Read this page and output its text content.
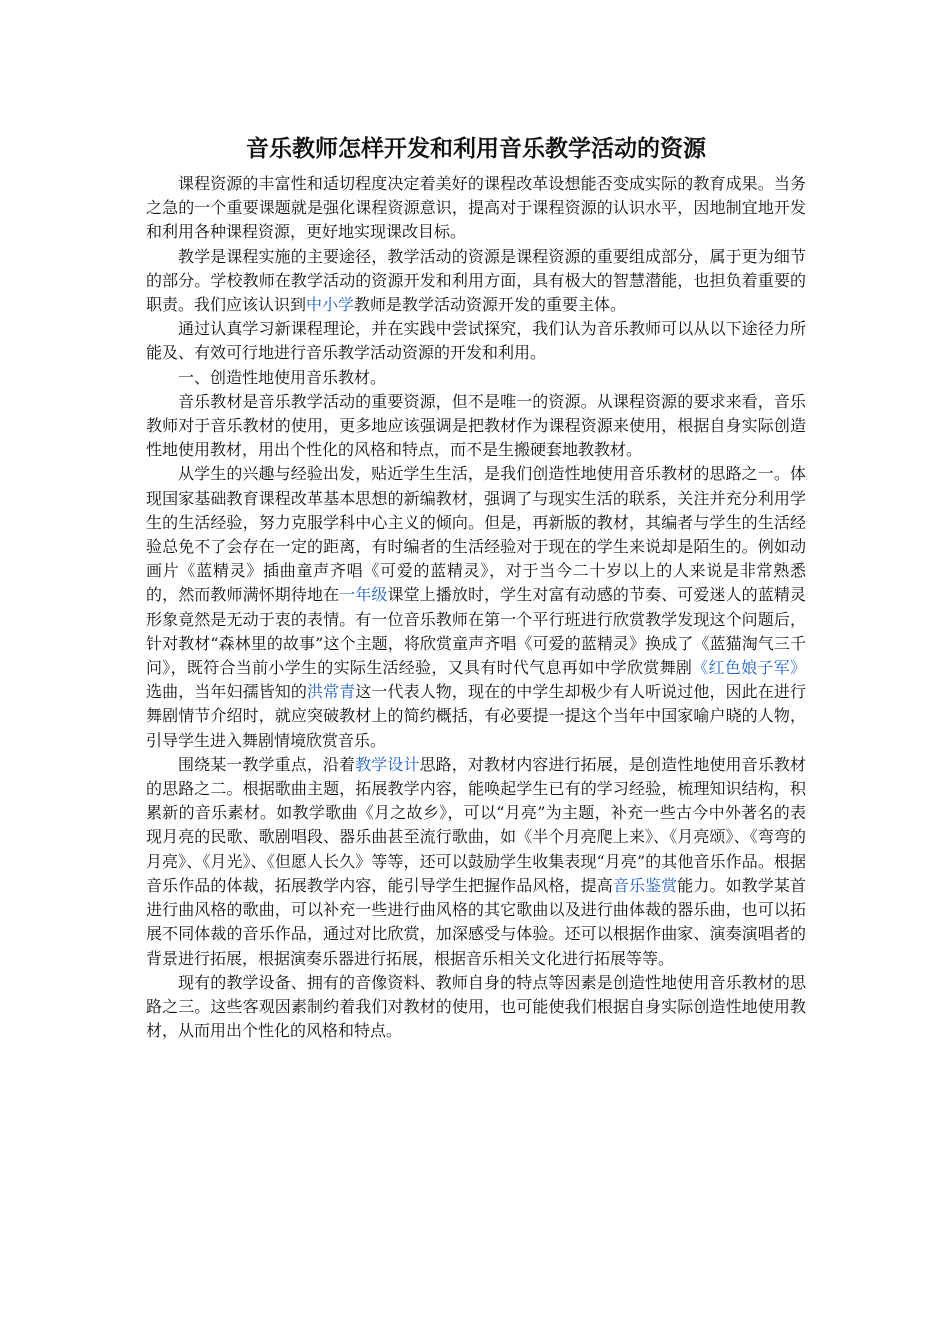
音乐教师怎样开发和利用音乐教学活动的资源

课程资源的丰富性和适切程度决定着美好的课程改革设想能否变成实际的教育成果。当务之急的一个重要课题就是强化课程资源意识，提高对于课程资源的认识水平，因地制宜地开发和利用各种课程资源，更好地实现课改目标。

教学是课程实施的主要途径，教学活动的资源是课程资源的重要组成部分，属于更为细节的部分。学校教师在教学活动的资源开发和利用方面，具有极大的智慧潜能，也担负着重要的职责。我们应该认识到中小学教师是教学活动资源开发的重要主体。

通过认真学习新课程理论，并在实践中尝试探究，我们认为音乐教师可以从以下途径力所能及、有效可行地进行音乐教学活动资源的开发和利用。

一、创造性地使用音乐教材。

音乐教材是音乐教学活动的重要资源，但不是唯一的资源。从课程资源的要求来看，音乐教师对于音乐教材的使用，更多地应该强调是把教材作为课程资源来使用，根据自身实际创造性地使用教材，用出个性化的风格和特点，而不是生搬硬套地教教材。

从学生的兴趣与经验出发，贴近学生生活，是我们创造性地使用音乐教材的思路之一。体现国家基础教育课程改革基本思想的新编教材，强调了与现实生活的联系，关注并充分利用学生的生活经验，努力克服学科中心主义的倾向。但是，再新版的教材，其编者与学生的生活经验总免不了会存在一定的距离，有时编者的生活经验对于现在的学生来说却是陌生的。例如动画片《蓝精灵》插曲童声齐唱《可爱的蓝精灵》，对于当今二十岁以上的人来说是非常熟悉的，然而教师满怀期待地在一年级课堂上播放时，学生对富有动感的节奏、可爱迷人的蓝精灵形象竟然是无动于衷的表情。有一位音乐教师在第一个平行班进行欣赏教学发现这个问题后，针对教材“森林里的故事”这个主题，将欣赏童声齐唱《可爱的蓝精灵》换成了《蓝猫淘气三千问》，既符合当前小学生的实际生活经验，又具有时代气息再如中学欣赏舞剧《红色娘子军》选曲，当年妇孺皆知的洪常青这一代表人物，现在的中学生却极少有人听说过他，因此在进行舞剧情节介绍时，就应突破教材上的简约概括，有必要提一提这个当年中国家喻户晓的人物，引导学生进入舞剧情境欣赏音乐。

围绕某一教学重点，沿着教学设计思路，对教材内容进行拓展，是创造性地使用音乐教材的思路之二。根据歌曲主题，拓展教学内容，能唤起学生已有的学习经验，梳理知识结构，积累新的音乐素材。如教学歌曲《月之故乡》，可以“月亮”为主题，补充一些古今中外著名的表现月亮的民歌、歌剧唱段、器乐曲甚至流行歌曲，如《半个月亮爬上来》、《月亮颂》、《弯弯的月亮》、《月光》、《但愿人长久》等等，还可以鼓励学生收集表现“月亮”的其他音乐作品。根据音乐作品的体裁，拓展教学内容，能引导学生把握作品风格，提高音乐鉴赏能力。如教学某首进行曲风格的歌曲，可以补充一些进行曲风格的其它歌曲以及进行曲体裁的器乐曲，也可以拓展不同体裁的音乐作品，通过对比欣赏，加深感受与体验。还可以根据作曲家、演奏演唱者的背景进行拓展，根据演奏乐器进行拓展，根据音乐相关文化进行拓展等等。

现有的教学设备、拥有的音像资料、教师自身的特点等因素是创造性地使用音乐教材的思路之三。这些客观因素制约着我们对教材的使用，也可能使我们根据自身实际创造性地使用教材，从而用出个性化的风格和特点。
